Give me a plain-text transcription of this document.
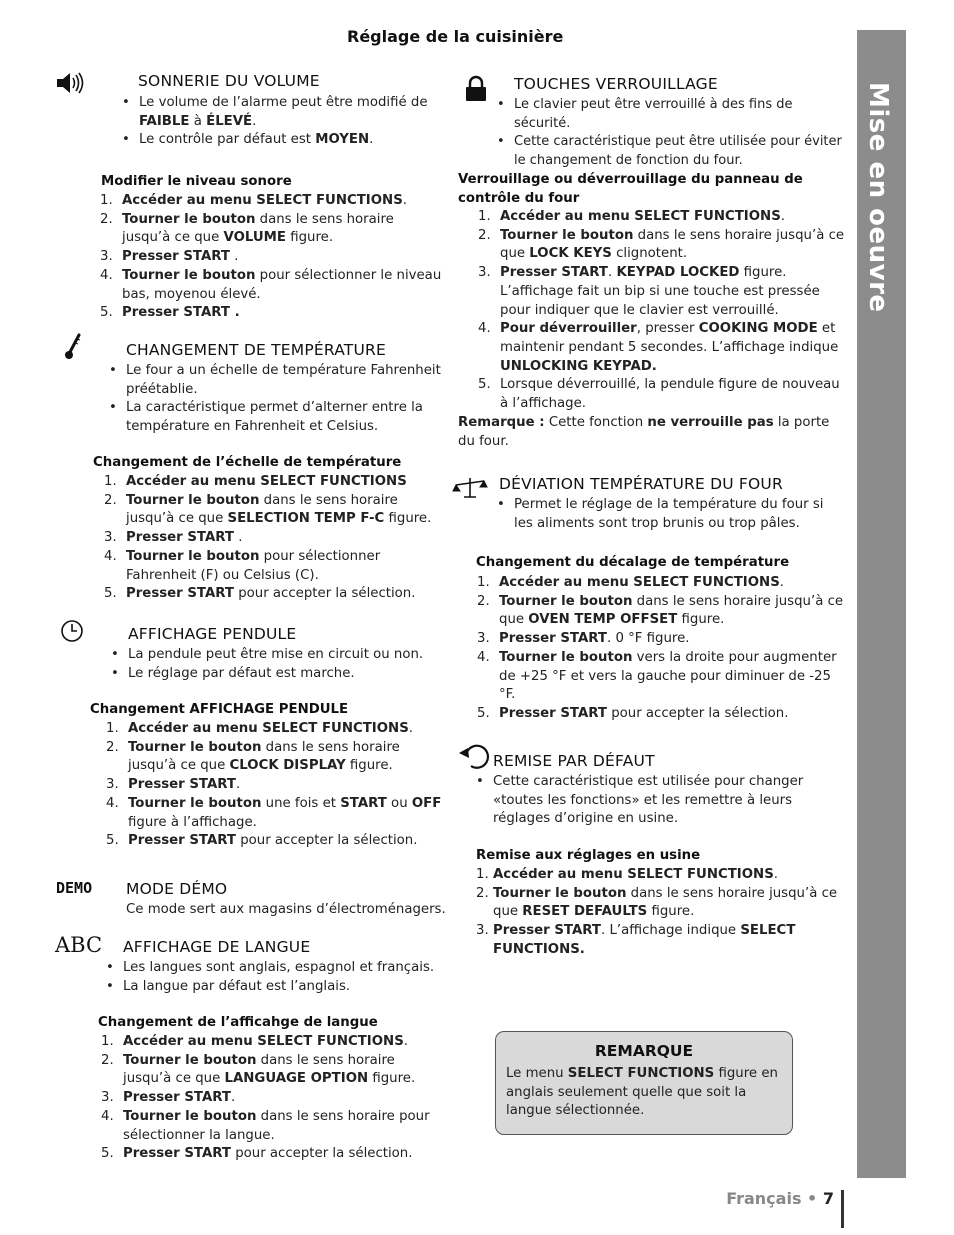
Réglage de la cuisinière
Mise en oeuvre
SONNERIE DU VOLUME
• Le volume de l’alarme peut être modifié de FAIBLE à ÉLEVÉ.
• Le contrôle par défaut est MOYEN.
Modifier le niveau sonore
1. Accéder au menu SELECT FUNCTIONS.
2. Tourner le bouton dans le sens horaire jusqu’à ce que VOLUME figure.
3. Presser START .
4. Tourner le bouton pour sélectionner le niveau bas, moyenou élevé.
5. Presser START .
CHANGEMENT DE TEMPÉRATURE
• Le four a un échelle de température Fahrenheit préétablie.
• La caractéristique permet d’alterner entre la température en Fahrenheit et Celsius.
Changement de l’échelle de température
1. Accéder au menu SELECT FUNCTIONS
2. Tourner le bouton dans le sens horaire jusqu’à ce que SELECTION TEMP F-C figure.
3. Presser START .
4. Tourner le bouton pour sélectionner Fahrenheit (F) ou Celsius (C).
5. Presser START pour accepter la sélection.
AFFICHAGE PENDULE
• La pendule peut être mise en circuit ou non.
• Le réglage par défaut est marche.
Changement AFFICHAGE PENDULE
1. Accéder au menu SELECT FUNCTIONS.
2. Tourner le bouton dans le sens horaire jusqu’à ce que CLOCK DISPLAY figure.
3. Presser START.
4. Tourner le bouton une fois et START ou OFF figure à l’affichage.
5. Presser START pour accepter la sélection.
DEMO MODE DÉMO
Ce mode sert aux magasins d’électroménagers.
ABC AFFICHAGE DE LANGUE
• Les langues sont anglais, espagnol et français.
• La langue par défaut est l’anglais.
Changement de l’afficahge de langue
1. Accéder au menu SELECT FUNCTIONS.
2. Tourner le bouton dans le sens horaire jusqu’à ce que LANGUAGE OPTION figure.
3. Presser START.
4. Tourner le bouton dans le sens horaire pour sélectionner la langue.
5. Presser START pour accepter la sélection.
TOUCHES VERROUILLAGE
• Le clavier peut être verrouillé à des fins de sécurité.
• Cette caractéristique peut être utilisée pour éviter le changement de fonction du four.
Verrouillage ou déverrouillage du panneau de contrôle du four
1. Accéder au menu SELECT FUNCTIONS.
2. Tourner le bouton dans le sens horaire jusqu’à ce que LOCK KEYS clignotent.
3. Presser START. KEYPAD LOCKED figure. L’affichage fait un bip si une touche est pressée pour indiquer que le clavier est verrouillé.
4. Pour déverrouiller, presser COOKING MODE et maintenir pendant 5 secondes. L’affichage indique UNLOCKING KEYPAD.
5. Lorsque déverrouillé, la pendule figure de nouveau à l’affichage.
Remarque : Cette fonction ne verrouille pas la porte du four.
DÉVIATION TEMPÉRATURE DU FOUR
• Permet le réglage de la température du four si les aliments sont trop brunis ou trop pâles.
Changement du décalage de température
1. Accéder au menu SELECT FUNCTIONS.
2. Tourner le bouton dans le sens horaire jusqu’à ce que OVEN TEMP OFFSET figure.
3. Presser START. 0 °F figure.
4. Tourner le bouton vers la droite pour augmenter de +25 °F et vers la gauche pour diminuer de -25 °F.
5. Presser START pour accepter la sélection.
REMISE PAR DÉFAUT
• Cette caractéristique est utilisée pour changer «toutes les fonctions» et les remettre à leurs réglages d’origine en usine.
Remise aux réglages en usine
1. Accéder au menu SELECT FUNCTIONS.
2. Tourner le bouton dans le sens horaire jusqu’à ce que RESET DEFAULTS figure.
3. Presser START. L’affichage indique SELECT FUNCTIONS.
REMARQUE
Le menu SELECT FUNCTIONS figure en anglais seulement quelle que soit la langue sélectionnée.
Français • 7
